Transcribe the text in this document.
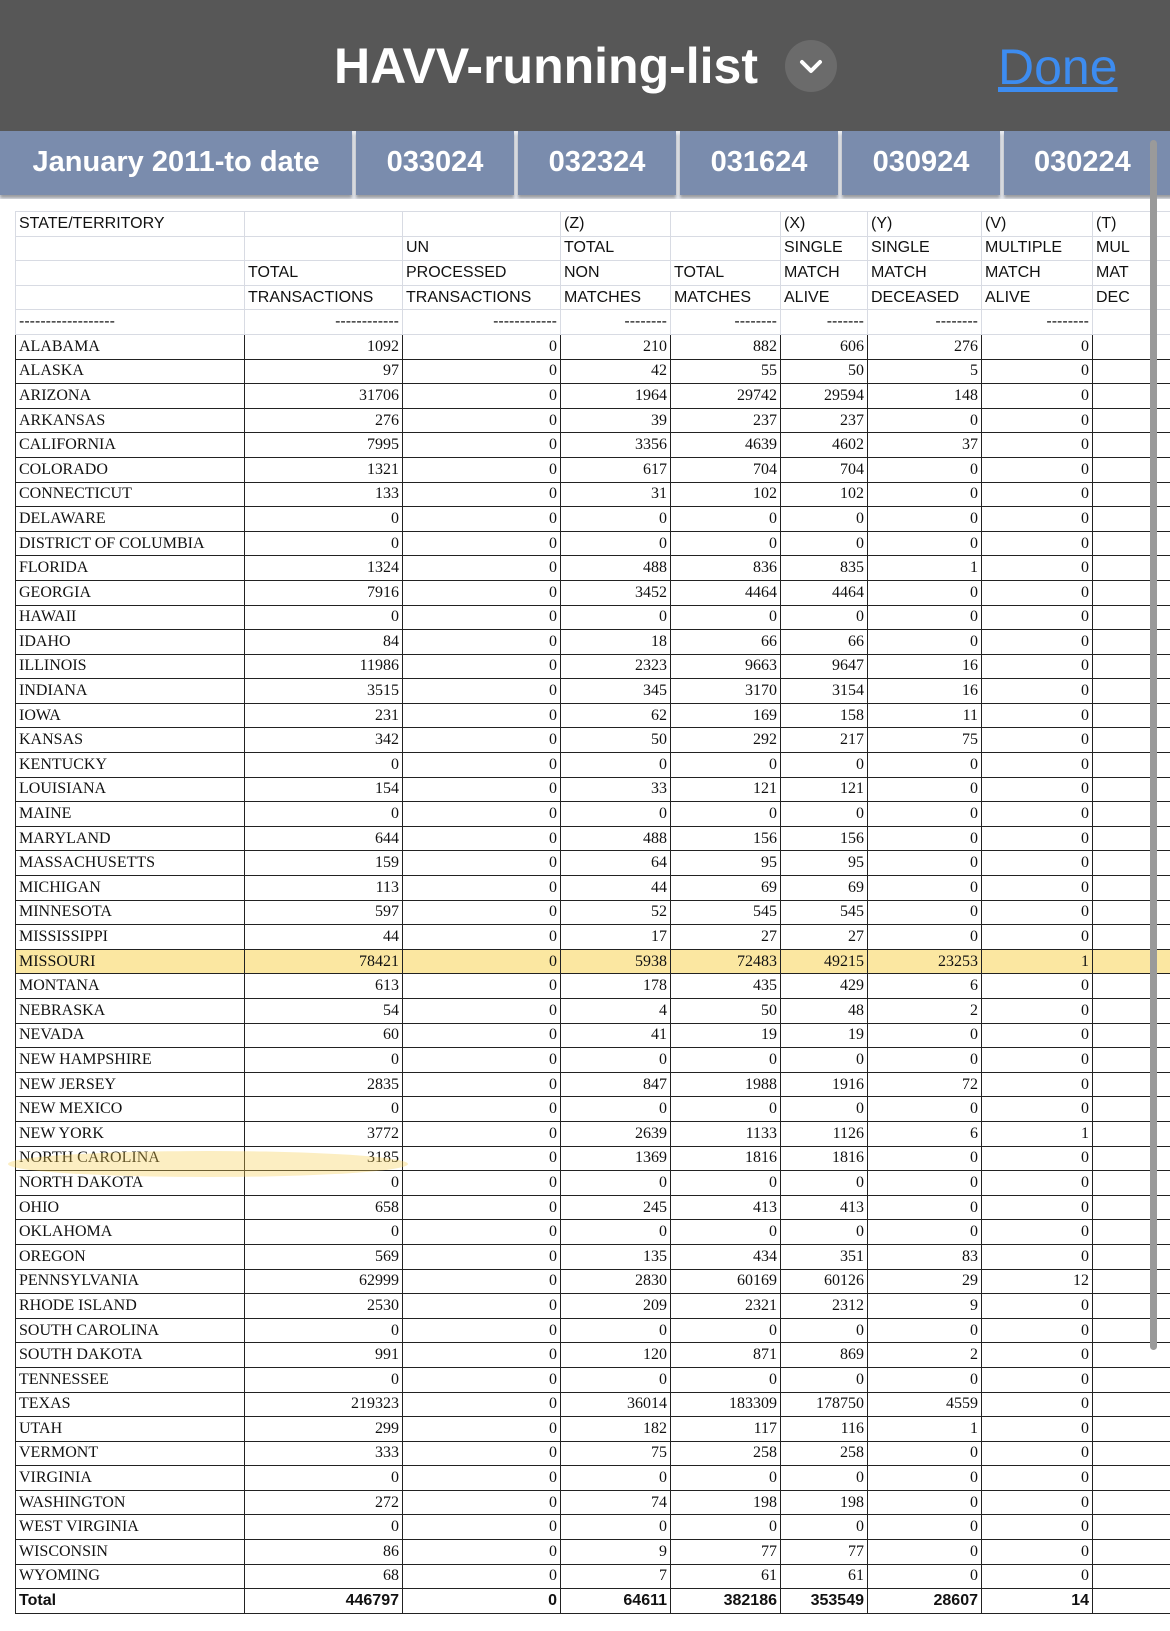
HAVV-running-list	Done
January 2011-to date	033024	032324	031624	030924	030224
STATE/TERRITORY			(Z)		(X)	(Y)	(V)	(T)
		UN	TOTAL		SINGLE	SINGLE	MULTIPLE	MUL
	TOTAL	PROCESSED	NON	TOTAL	MATCH	MATCH	MATCH	MAT
	TRANSACTIONS	TRANSACTIONS	MATCHES	MATCHES	ALIVE	DECEASED	ALIVE	DEC
------------------	------------	------------	--------	--------	-------	--------	--------	
ALABAMA	1092	0	210	882	606	276	0	
ALASKA	97	0	42	55	50	5	0	
ARIZONA	31706	0	1964	29742	29594	148	0	
ARKANSAS	276	0	39	237	237	0	0	
CALIFORNIA	7995	0	3356	4639	4602	37	0	
COLORADO	1321	0	617	704	704	0	0	
CONNECTICUT	133	0	31	102	102	0	0	
DELAWARE	0	0	0	0	0	0	0	
DISTRICT OF COLUMBIA	0	0	0	0	0	0	0	
FLORIDA	1324	0	488	836	835	1	0	
GEORGIA	7916	0	3452	4464	4464	0	0	
HAWAII	0	0	0	0	0	0	0	
IDAHO	84	0	18	66	66	0	0	
ILLINOIS	11986	0	2323	9663	9647	16	0	
INDIANA	3515	0	345	3170	3154	16	0	
IOWA	231	0	62	169	158	11	0	
KANSAS	342	0	50	292	217	75	0	
KENTUCKY	0	0	0	0	0	0	0	
LOUISIANA	154	0	33	121	121	0	0	
MAINE	0	0	0	0	0	0	0	
MARYLAND	644	0	488	156	156	0	0	
MASSACHUSETTS	159	0	64	95	95	0	0	
MICHIGAN	113	0	44	69	69	0	0	
MINNESOTA	597	0	52	545	545	0	0	
MISSISSIPPI	44	0	17	27	27	0	0	
MISSOURI	78421	0	5938	72483	49215	23253	1	
MONTANA	613	0	178	435	429	6	0	
NEBRASKA	54	0	4	50	48	2	0	
NEVADA	60	0	41	19	19	0	0	
NEW HAMPSHIRE	0	0	0	0	0	0	0	
NEW JERSEY	2835	0	847	1988	1916	72	0	
NEW MEXICO	0	0	0	0	0	0	0	
NEW YORK	3772	0	2639	1133	1126	6	1	
NORTH CAROLINA	3185	0	1369	1816	1816	0	0	
NORTH DAKOTA	0	0	0	0	0	0	0	
OHIO	658	0	245	413	413	0	0	
OKLAHOMA	0	0	0	0	0	0	0	
OREGON	569	0	135	434	351	83	0	
PENNSYLVANIA	62999	0	2830	60169	60126	29	12	
RHODE ISLAND	2530	0	209	2321	2312	9	0	
SOUTH CAROLINA	0	0	0	0	0	0	0	
SOUTH DAKOTA	991	0	120	871	869	2	0	
TENNESSEE	0	0	0	0	0	0	0	
TEXAS	219323	0	36014	183309	178750	4559	0	
UTAH	299	0	182	117	116	1	0	
VERMONT	333	0	75	258	258	0	0	
VIRGINIA	0	0	0	0	0	0	0	
WASHINGTON	272	0	74	198	198	0	0	
WEST VIRGINIA	0	0	0	0	0	0	0	
WISCONSIN	86	0	9	77	77	0	0	
WYOMING	68	0	7	61	61	0	0	
Total	446797	0	64611	382186	353549	28607	14	
